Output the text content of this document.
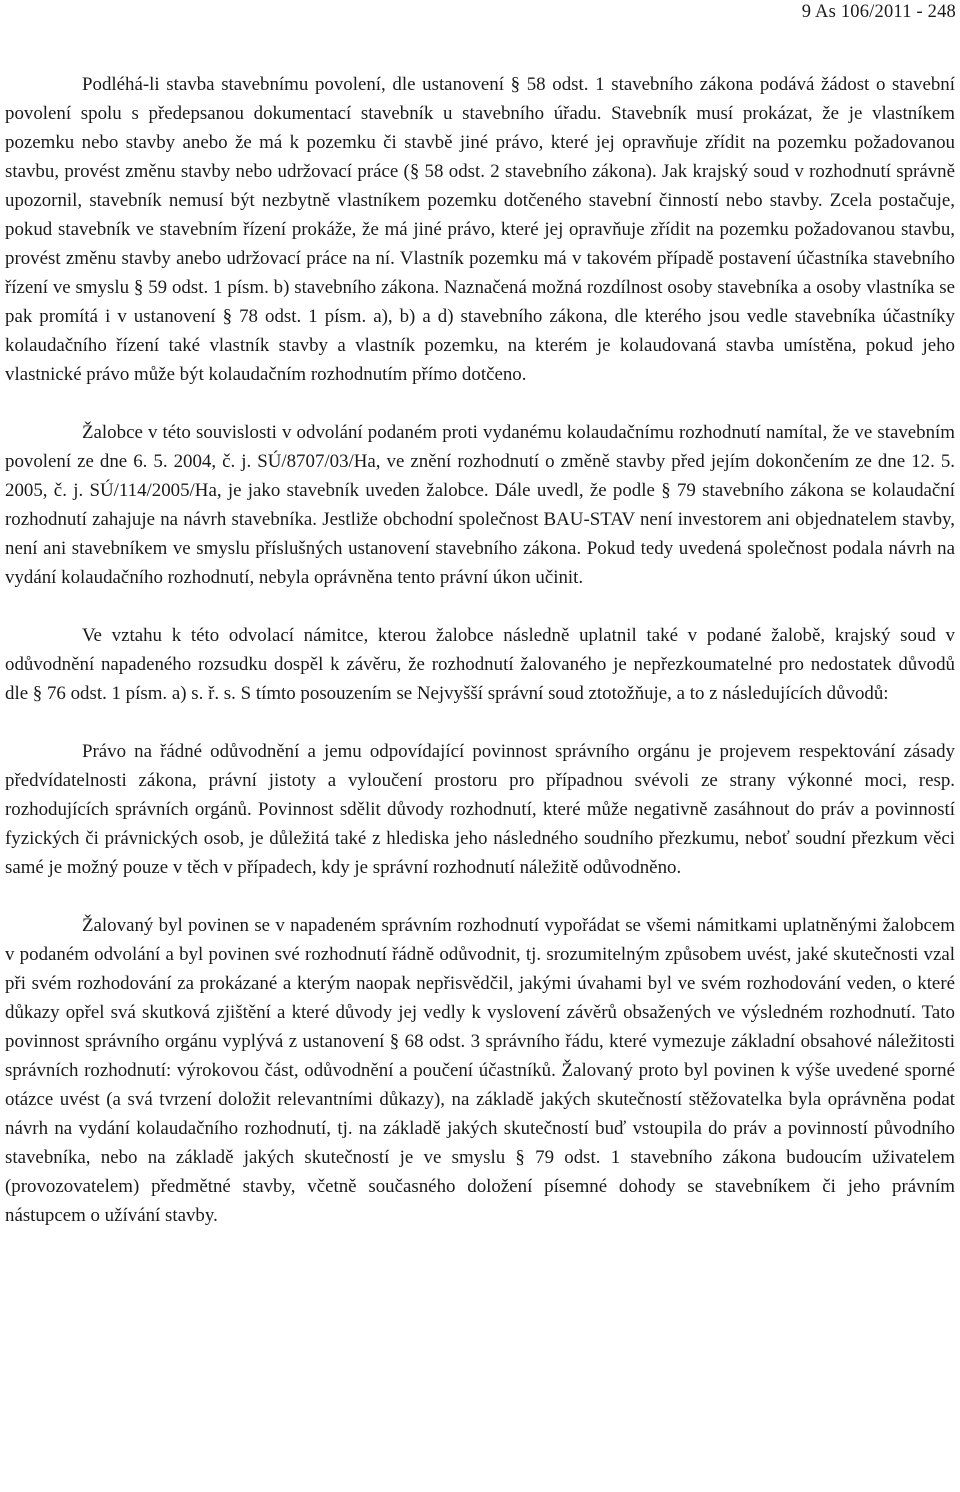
9 As 106/2011 - 248

Podléhá-li stavba stavebnímu povolení, dle ustanovení § 58 odst. 1 stavebního zákona podává žádost o stavební povolení spolu s předepsanou dokumentací stavebník u stavebního úřadu. Stavebník musí prokázat, že je vlastníkem pozemku nebo stavby anebo že má k pozemku či stavbě jiné právo, které jej opravňuje zřídit na pozemku požadovanou stavbu, provést změnu stavby nebo udržovací práce (§ 58 odst. 2 stavebního zákona). Jak krajský soud v rozhodnutí správně upozornil, stavebník nemusí být nezbytně vlastníkem pozemku dotčeného stavební činností nebo stavby. Zcela postačuje, pokud stavebník ve stavebním řízení prokáže, že má jiné právo, které jej opravňuje zřídit na pozemku požadovanou stavbu, provést změnu stavby anebo udržovací práce na ní. Vlastník pozemku má v takovém případě postavení účastníka stavebního řízení ve smyslu § 59 odst. 1 písm. b) stavebního zákona. Naznačená možná rozdílnost osoby stavebníka a osoby vlastníka se pak promítá i v ustanovení § 78 odst. 1 písm. a), b) a d) stavebního zákona, dle kterého jsou vedle stavebníka účastníky kolaudačního řízení také vlastník stavby a vlastník pozemku, na kterém je kolaudovaná stavba umístěna, pokud jeho vlastnické právo může být kolaudačním rozhodnutím přímo dotčeno.

Žalobce v této souvislosti v odvolání podaném proti vydanému kolaudačnímu rozhodnutí namítal, že ve stavebním povolení ze dne 6. 5. 2004, č. j. SÚ/8707/03/Ha, ve znění rozhodnutí o změně stavby před jejím dokončením ze dne 12. 5. 2005, č. j. SÚ/114/2005/Ha, je jako stavebník uveden žalobce. Dále uvedl, že podle § 79 stavebního zákona se kolaudační rozhodnutí zahajuje na návrh stavebníka. Jestliže obchodní společnost BAU-STAV není investorem ani objednatelem stavby, není ani stavebníkem ve smyslu příslušných ustanovení stavebního zákona. Pokud tedy uvedená společnost podala návrh na vydání kolaudačního rozhodnutí, nebyla oprávněna tento právní úkon učinit.

Ve vztahu k této odvolací námitce, kterou žalobce následně uplatnil také v podané žalobě, krajský soud v odůvodnění napadeného rozsudku dospěl k závěru, že rozhodnutí žalovaného je nepřezkoumatelné pro nedostatek důvodů dle § 76 odst. 1 písm. a) s. ř. s. S tímto posouzením se Nejvyšší správní soud ztotožňuje, a to z následujících důvodů:

Právo na řádné odůvodnění a jemu odpovídající povinnost správního orgánu je projevem respektování zásady předvídatelnosti zákona, právní jistoty a vyloučení prostoru pro případnou svévoli ze strany výkonné moci, resp. rozhodujících správních orgánů. Povinnost sdělit důvody rozhodnutí, které může negativně zasáhnout do práv a povinností fyzických či právnických osob, je důležitá také z hlediska jeho následného soudního přezkumu, neboť soudní přezkum věci samé je možný pouze v těch v případech, kdy je správní rozhodnutí náležitě odůvodněno.

Žalovaný byl povinen se v napadeném správním rozhodnutí vypořádat se všemi námitkami uplatněnými žalobcem v podaném odvolání a byl povinen své rozhodnutí řádně odůvodnit, tj. srozumitelným způsobem uvést, jaké skutečnosti vzal při svém rozhodování za prokázané a kterým naopak nepřisvědčil, jakými úvahami byl ve svém rozhodování veden, o které důkazy opřel svá skutková zjištění a které důvody jej vedly k vyslovení závěrů obsažených ve výsledném rozhodnutí. Tato povinnost správního orgánu vyplývá z ustanovení § 68 odst. 3 správního řádu, které vymezuje základní obsahové náležitosti správních rozhodnutí: výrokovou část, odůvodnění a poučení účastníků. Žalovaný proto byl povinen k výše uvedené sporné otázce uvést (a svá tvrzení doložit relevantními důkazy), na základě jakých skutečností stěžovatelka byla oprávněna podat návrh na vydání kolaudačního rozhodnutí, tj. na základě jakých skutečností buď vstoupila do práv a povinností původního stavebníka, nebo na základě jakých skutečností je ve smyslu § 79 odst. 1 stavebního zákona budoucím uživatelem (provozovatelem) předmětné stavby, včetně současného doložení písemné dohody se stavebníkem či jeho právním nástupcem o užívání stavby.
